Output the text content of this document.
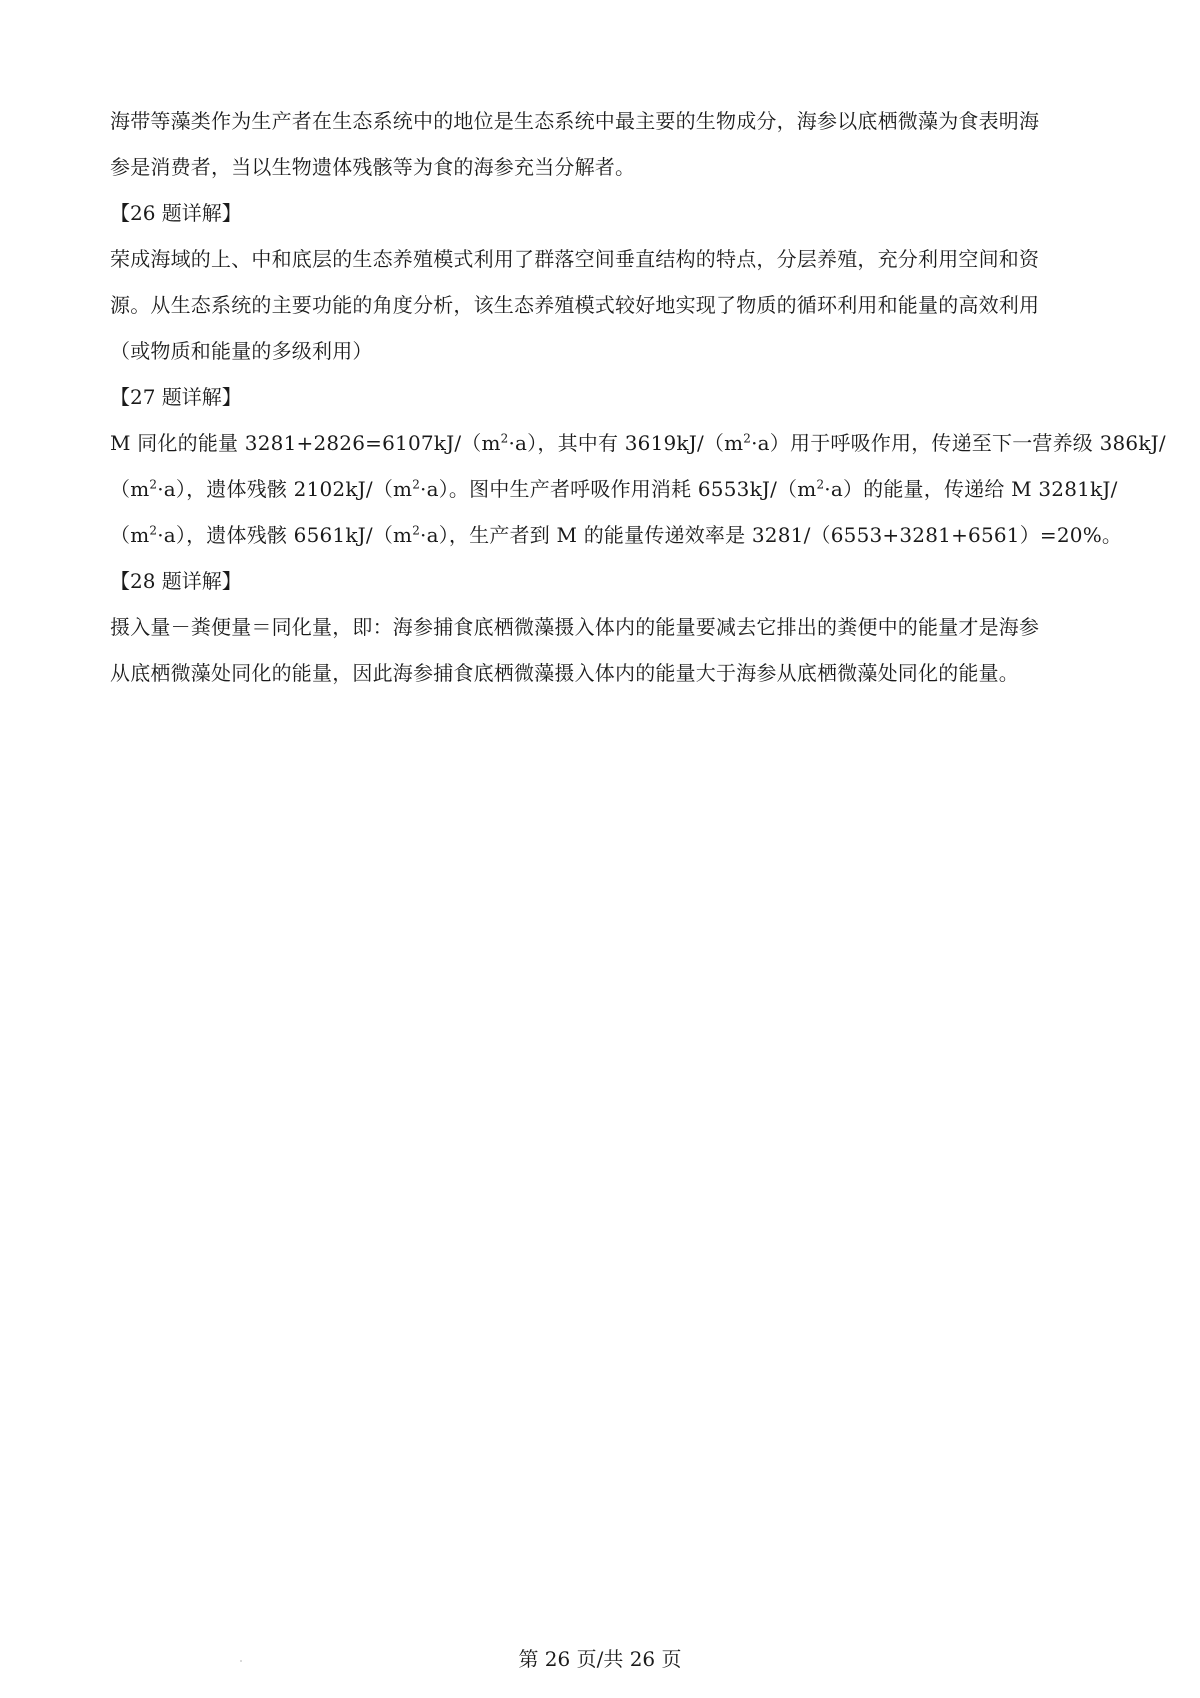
海带等藻类作为生产者在生态系统中的地位是生态系统中最主要的生物成分，海参以底栖微藻为食表明海
参是消费者，当以生物遗体残骸等为食的海参充当分解者。
【26 题详解】
荣成海域的上、中和底层的生态养殖模式利用了群落空间垂直结构的特点，分层养殖，充分利用空间和资
源。从生态系统的主要功能的角度分析，该生态养殖模式较好地实现了物质的循环利用和能量的高效利用
（或物质和能量的多级利用）
【27 题详解】
M 同化的能量 $3281+2826=6107kJ/(m^2\cdot a)$，其中有 $3619kJ/(m^2\cdot a)$用于呼吸作用，传递至下一营养级 386kJ/
$(m^2\cdot a)$，遗体残骸 $2102kJ/(m^2\cdot a)$。图中生产者呼吸作用消耗 $6553kJ/(m^2\cdot a)$的能量，传递给 M 3281kJ/
$(m^2\cdot a)$，遗体残骸 $6561kJ/(m^2\cdot a)$，生产者到 M 的能量传递效率是 3281/（6553+3281+6561）=20%。
【28 题详解】
摄入量－粪便量＝同化量，即：海参捕食底栖微藻摄入体内的能量要减去它排出的粪便中的能量才是海参
从底栖微藻处同化的能量，因此海参捕食底栖微藻摄入体内的能量大于海参从底栖微藻处同化的能量。
第 26 页/共 26 页
